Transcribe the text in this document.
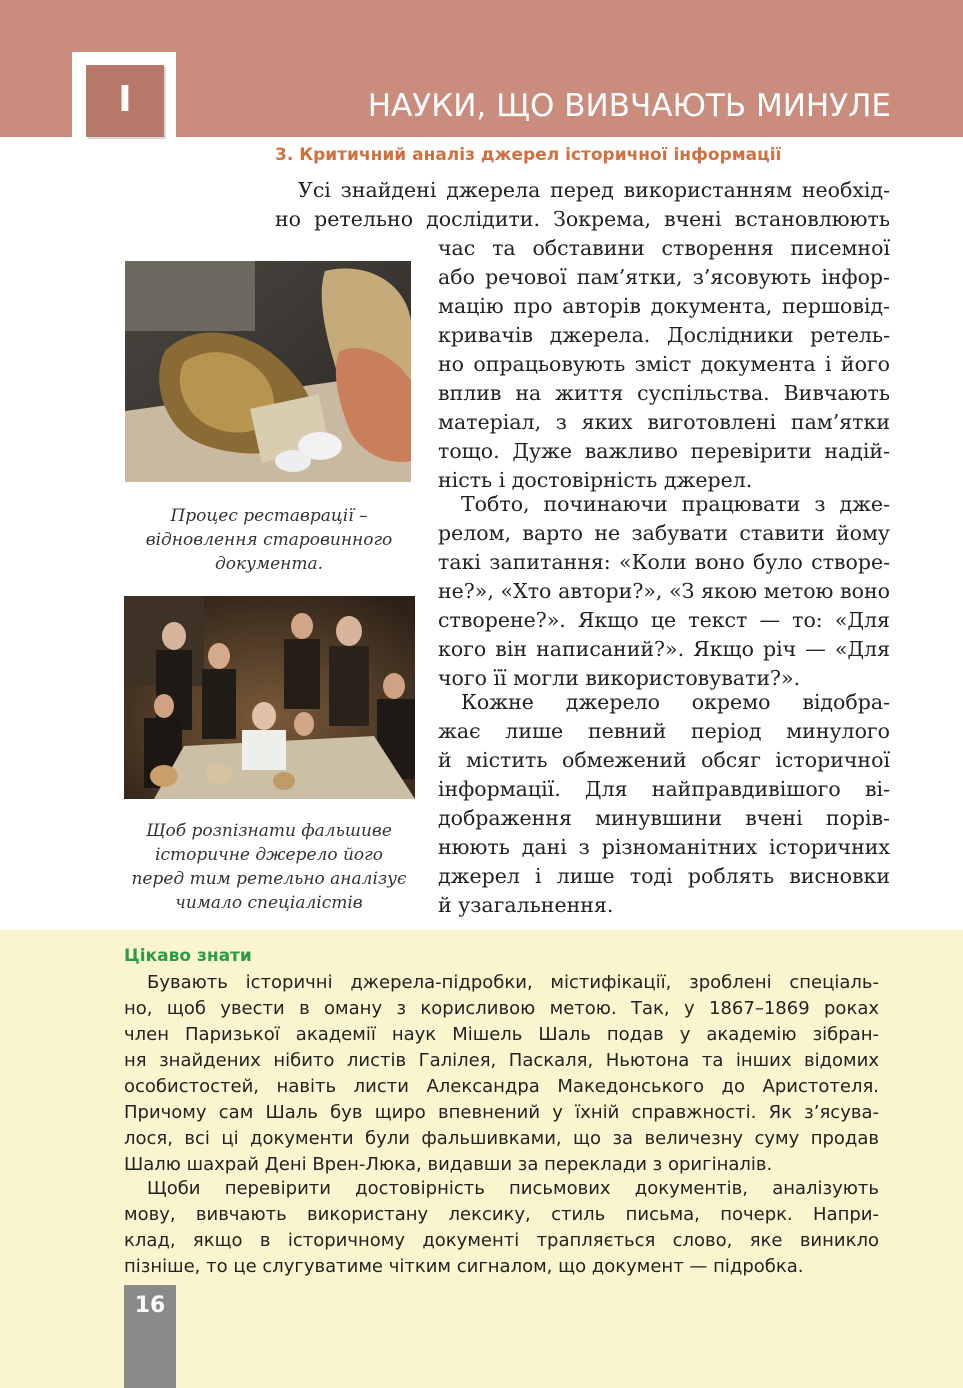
I	НАУКИ, ЩО ВИВЧАЮТЬ МИНУЛЕ
3. Критичний аналіз джерел історичної інформації
Усі знайдені джерела перед використанням необхід-
но ретельно дослідити. Зокрема, вчені встановлюють
час та обставини створення писемної
або речової пам’ятки, з’ясовують інфор-
мацію про авторів документа, першовід-
кривачів джерела. Дослідники ретель-
но опрацьовують зміст документа і його
вплив на життя суспільства. Вивчають
матеріал, з яких виготовлені пам’ятки
тощо. Дуже важливо перевірити надій-
ність і достовірність джерел.
Тобто, починаючи працювати з дже-
релом, варто не забувати ставити йому
такі запитання: «Коли воно було створе-
не?», «Хто автори?», «З якою метою воно
створене?». Якщо це текст — то: «Для
кого він написаний?». Якщо річ — «Для
чого її могли використовувати?».
Кожне джерело окремо відобра-
жає лише певний період минулого
й містить обмежений обсяг історичної
інформації. Для найправдивішого ві-
дображення минувшини вчені порів-
нюють дані з різноманітних історичних
джерел і лише тоді роблять висновки
й узагальнення.
Процес реставрації –
відновлення старовинного
документа.
Щоб розпізнати фальшиве
історичне джерело його
перед тим ретельно аналізує
чимало спеціалістів
Цікаво знати
Бувають історичні джерела-підробки, містифікації, зроблені спеціаль-
но, щоб увести в оману з корисливою метою. Так, у 1867–1869 роках
член Паризької академії наук Мішель Шаль подав у академію зібран-
ня знайдених нібито листів Галілея, Паскаля, Ньютона та інших відомих
особистостей, навіть листи Александра Македонського до Аристотеля.
Причому сам Шаль був щиро впевнений у їхній справжності. Як з’ясува-
лося, всі ці документи були фальшивками, що за величезну суму продав
Шалю шахрай Дені Врен-Люка, видавши за переклади з оригіналів.
Щоби перевірити достовірність письмових документів, аналізують
мову, вивчають використану лексику, стиль письма, почерк. Напри-
клад, якщо в історичному документі трапляється слово, яке виникло
пізніше, то це слугуватиме чітким сигналом, що документ — підробка.
16
